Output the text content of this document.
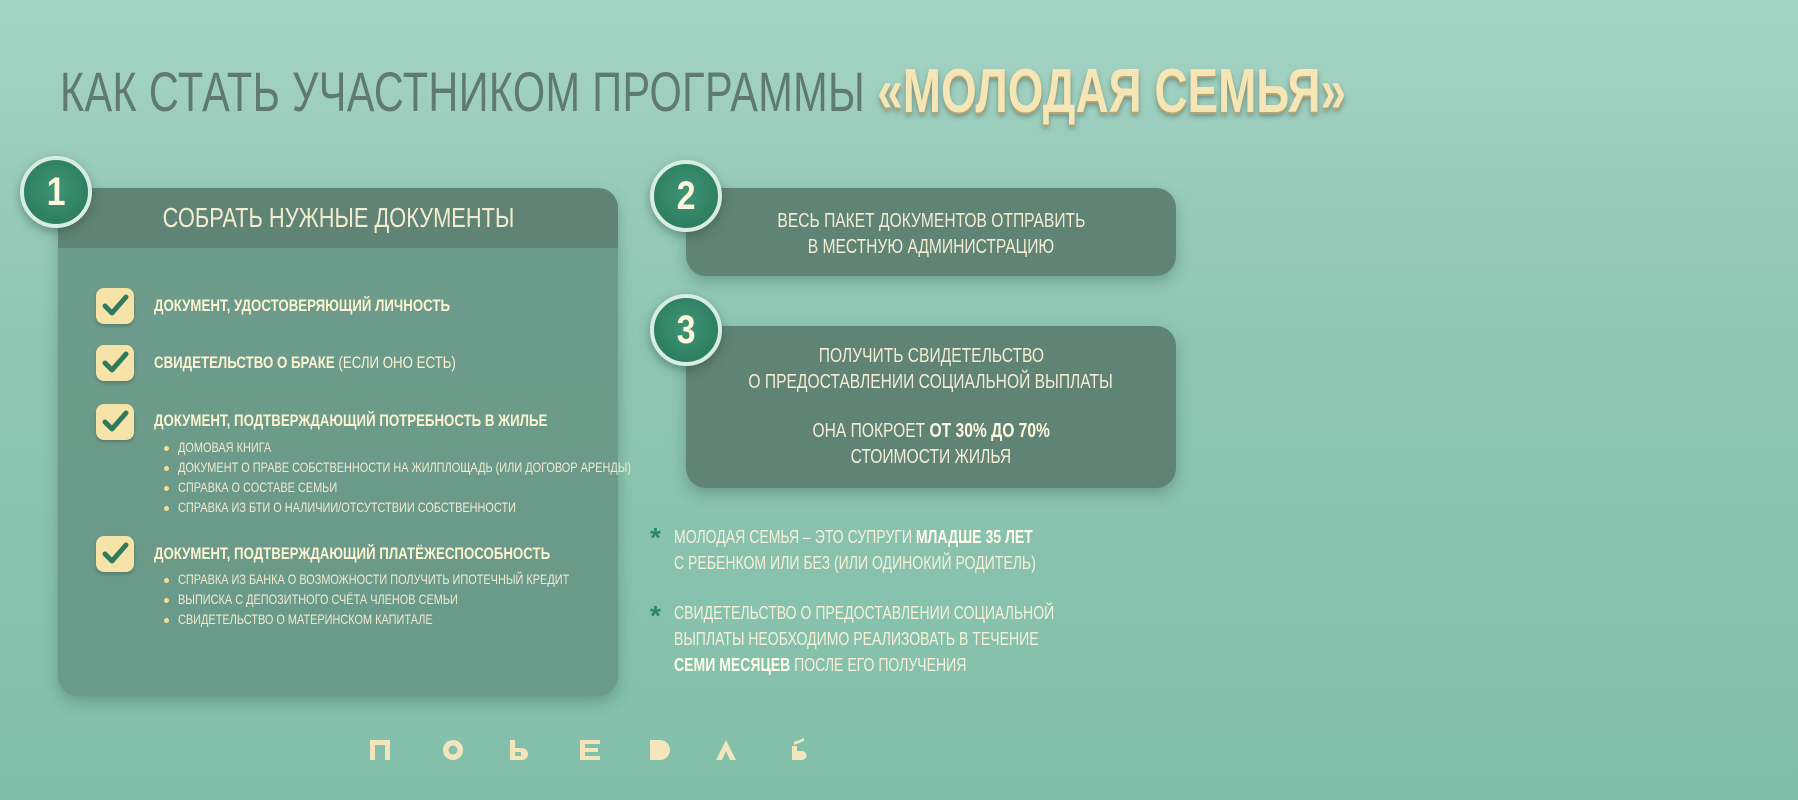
КАК СТАТЬ УЧАСТНИКОМ ПРОГРАММЫ «МОЛОДАЯ СЕМЬЯ»
СОБРАТЬ НУЖНЫЕ ДОКУМЕНТЫ
ДОКУМЕНТ, УДОСТОВЕРЯЮЩИЙ ЛИЧНОСТЬ
СВИДЕТЕЛЬСТВО О БРАКЕ (ЕСЛИ ОНО ЕСТЬ)
ДОКУМЕНТ, ПОДТВЕРЖДАЮЩИЙ ПОТРЕБНОСТЬ В ЖИЛЬЕ
ДОМОВАЯ КНИГА
ДОКУМЕНТ О ПРАВЕ СОБСТВЕННОСТИ НА ЖИЛПЛОЩАДЬ (ИЛИ ДОГОВОР АРЕНДЫ)
СПРАВКА О СОСТАВЕ СЕМЬИ
СПРАВКА ИЗ БТИ О НАЛИЧИИ/ОТСУТСТВИИ СОБСТВЕННОСТИ
ДОКУМЕНТ, ПОДТВЕРЖДАЮЩИЙ ПЛАТЁЖЕСПОСОБНОСТЬ
СПРАВКА ИЗ БАНКА О ВОЗМОЖНОСТИ ПОЛУЧИТЬ ИПОТЕЧНЫЙ КРЕДИТ
ВЫПИСКА С ДЕПОЗИТНОГО СЧЁТА ЧЛЕНОВ СЕМЬИ
СВИДЕТЕЛЬСТВО О МАТЕРИНСКОМ КАПИТАЛЕ
1
ВЕСЬ ПАКЕТ ДОКУМЕНТОВ ОТПРАВИТЬ
В МЕСТНУЮ АДМИНИСТРАЦИЮ
2
ПОЛУЧИТЬ СВИДЕТЕЛЬСТВО
О ПРЕДОСТАВЛЕНИИ СОЦИАЛЬНОЙ ВЫПЛАТЫ
ОНА ПОКРОЕТ ОТ 30% ДО 70%
СТОИМОСТИ ЖИЛЬЯ
3
* МОЛОДАЯ СЕМЬЯ – ЭТО СУПРУГИ МЛАДШЕ 35 ЛЕТ
С РЕБЕНКОМ ИЛИ БЕЗ (ИЛИ ОДИНОКИЙ РОДИТЕЛЬ)
* СВИДЕТЕЛЬСТВО О ПРЕДОСТАВЛЕНИИ СОЦИАЛЬНОЙ
ВЫПЛАТЫ НЕОБХОДИМО РЕАЛИЗОВАТЬ В ТЕЧЕНИЕ
СЕМИ МЕСЯЦЕВ ПОСЛЕ ЕГО ПОЛУЧЕНИЯ
